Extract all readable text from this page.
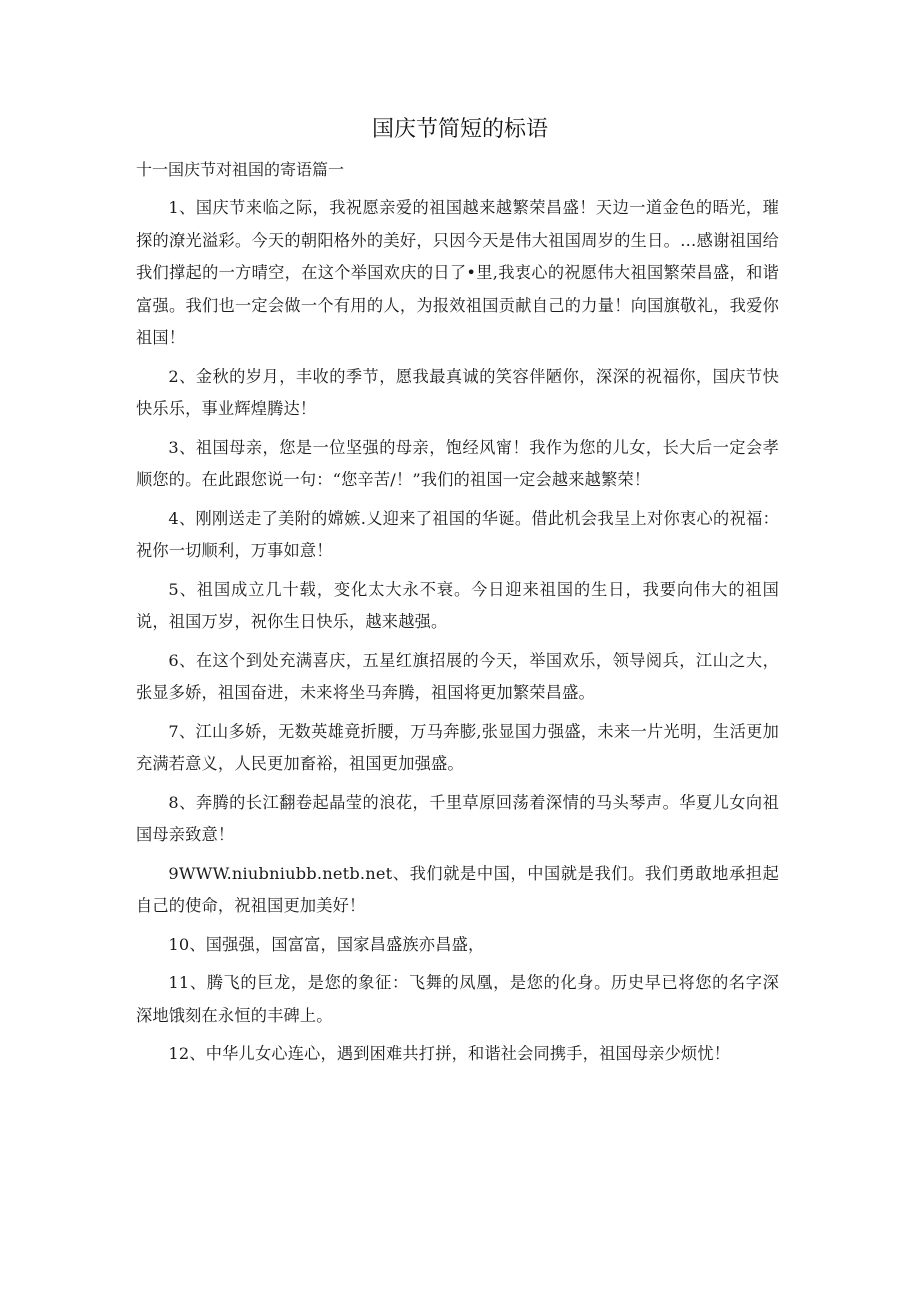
国庆节简短的标语

十一国庆节对祖国的寄语篇一

1、国庆节来临之际，我祝愿亲爱的祖国越来越繁荣昌盛！天边一道金色的晤光，璀探的潦光溢彩。今天的朝阳格外的美好，只因今天是伟大祖国周岁的生日。…感谢祖国给我们撑起的一方晴空，在这个举国欢庆的日了•里,我衷心的祝愿伟大祖国繁荣昌盛，和谐富强。我们也一定会做一个有用的人，为报效祖国贡献自己的力量！向国旗敬礼，我爱你祖国！

2、金秋的岁月，丰收的季节，愿我最真诚的笑容伴陋你，深深的祝福你，国庆节快快乐乐，事业辉煌腾达！

3、祖国母亲，您是一位坚强的母亲，饱经风甯！我作为您的儿女，长大后一定会孝顺您的。在此跟您说一句：“您辛苦/！”我们的祖国一定会越来越繁荣！

4、刚刚送走了美附的嫦嫉.乂迎来了祖国的华诞。借此机会我呈上对你衷心的祝福：祝你一切顺利，万事如意！

5、祖国成立几十载，变化太大永不衰。今日迎来祖国的生日，我要向伟大的祖国说，祖国万岁，祝你生日快乐，越来越强。

6、在这个到处充满喜庆，五星红旗招展的今天，举国欢乐，领导阅兵，江山之大，张显多娇，祖国奋进，未来将坐马奔腾，祖国将更加繁荣昌盛。

7、江山多娇，无数英雄竟折腰，万马奔膨,张显国力强盛，未来一片光明，生活更加充满若意义，人民更加畜裕，祖国更加强盛。

8、奔腾的长江翻卷起晶莹的浪花，千里草原回荡着深情的马头琴声。华夏儿女向祖国母亲致意！

9WWW.niubniubb.netb.net、我们就是中国，中国就是我们。我们勇敢地承担起自己的使命，祝祖国更加美好！

10、国强强，国富富，国家昌盛族亦昌盛，

11、腾飞的巨龙，是您的象征：飞舞的凤凰，是您的化身。历史早已将您的名字深深地饿刻在永恒的丰碑上。

12、中华儿女心连心，遇到困难共打拼，和谐社会同携手，祖国母亲少烦忧！
